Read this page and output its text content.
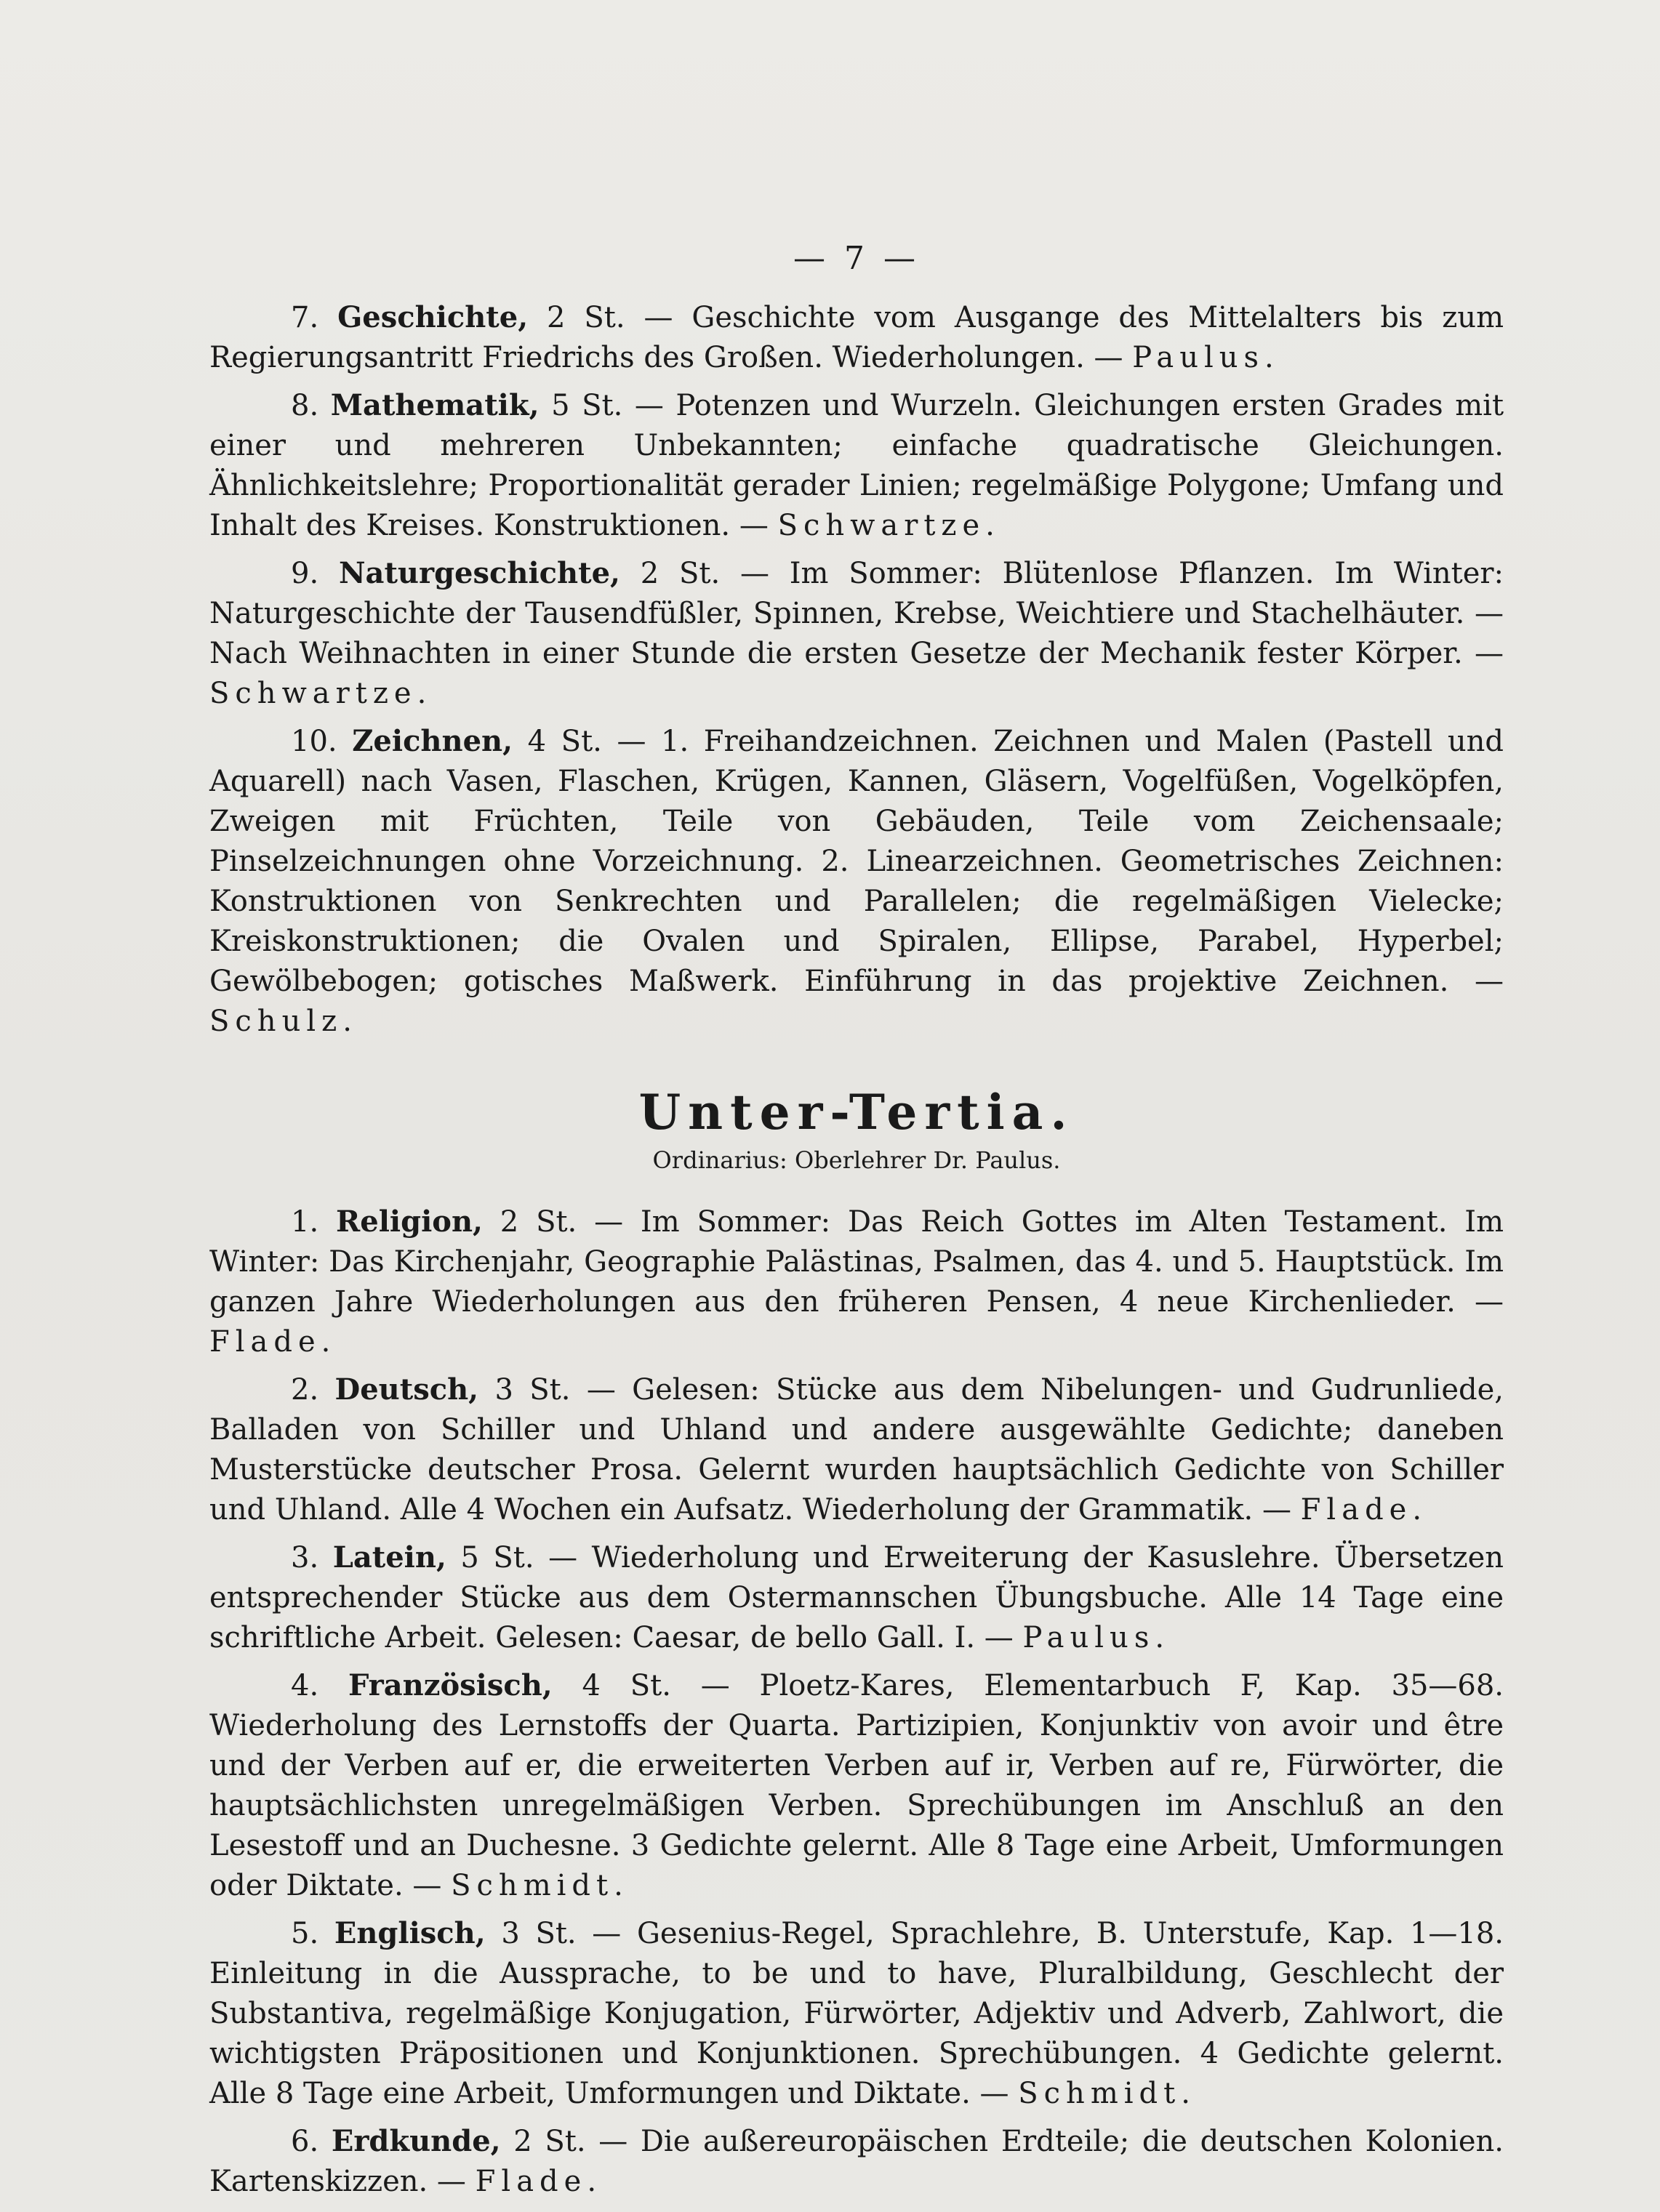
— 7 —

7. Geschichte, 2 St. — Geschichte vom Ausgange des Mittelalters bis zum Regierungsantritt Friedrichs des Großen. Wiederholungen. — Paulus.

8. Mathematik, 5 St. — Potenzen und Wurzeln. Gleichungen ersten Grades mit einer und mehreren Unbekannten; einfache quadratische Gleichungen. Ähnlichkeitslehre; Proportionalität gerader Linien; regelmäßige Polygone; Umfang und Inhalt des Kreises. Konstruktionen. — Schwartze.

9. Naturgeschichte, 2 St. — Im Sommer: Blütenlose Pflanzen. Im Winter: Naturgeschichte der Tausendfüßler, Spinnen, Krebse, Weichtiere und Stachelhäuter. — Nach Weihnachten in einer Stunde die ersten Gesetze der Mechanik fester Körper. — Schwartze.

10. Zeichnen, 4 St. — 1. Freihandzeichnen. Zeichnen und Malen (Pastell und Aquarell) nach Vasen, Flaschen, Krügen, Kannen, Gläsern, Vogelfüßen, Vogelköpfen, Zweigen mit Früchten, Teile von Gebäuden, Teile vom Zeichensaale; Pinselzeichnungen ohne Vorzeichnung. 2. Linearzeichnen. Geometrisches Zeichnen: Konstruktionen von Senkrechten und Parallelen; die regelmäßigen Vielecke; Kreiskonstruktionen; die Ovalen und Spiralen, Ellipse, Parabel, Hyperbel; Gewölbebogen; gotisches Maßwerk. Einführung in das projektive Zeichnen. — Schulz.

Unter-Tertia.
Ordinarius: Oberlehrer Dr. Paulus.

1. Religion, 2 St. — Im Sommer: Das Reich Gottes im Alten Testament. Im Winter: Das Kirchenjahr, Geographie Palästinas, Psalmen, das 4. und 5. Hauptstück. Im ganzen Jahre Wiederholungen aus den früheren Pensen, 4 neue Kirchenlieder. — Flade.

2. Deutsch, 3 St. — Gelesen: Stücke aus dem Nibelungen- und Gudrunliede, Balladen von Schiller und Uhland und andere ausgewählte Gedichte; daneben Musterstücke deutscher Prosa. Gelernt wurden hauptsächlich Gedichte von Schiller und Uhland. Alle 4 Wochen ein Aufsatz. Wiederholung der Grammatik. — Flade.

3. Latein, 5 St. — Wiederholung und Erweiterung der Kasuslehre. Übersetzen entsprechender Stücke aus dem Ostermannschen Übungsbuche. Alle 14 Tage eine schriftliche Arbeit. Gelesen: Caesar, de bello Gall. I. — Paulus.

4. Französisch, 4 St. — Ploetz-Kares, Elementarbuch F, Kap. 35—68. Wiederholung des Lernstoffs der Quarta. Partizipien, Konjunktiv von avoir und être und der Verben auf er, die erweiterten Verben auf ir, Verben auf re, Fürwörter, die hauptsächlichsten unregelmäßigen Verben. Sprechübungen im Anschluß an den Lesestoff und an Duchesne. 3 Gedichte gelernt. Alle 8 Tage eine Arbeit, Umformungen oder Diktate. — Schmidt.

5. Englisch, 3 St. — Gesenius-Regel, Sprachlehre, B. Unterstufe, Kap. 1—18. Einleitung in die Aussprache, to be und to have, Pluralbildung, Geschlecht der Substantiva, regelmäßige Konjugation, Fürwörter, Adjektiv und Adverb, Zahlwort, die wichtigsten Präpositionen und Konjunktionen. Sprechübungen. 4 Gedichte gelernt. Alle 8 Tage eine Arbeit, Umformungen und Diktate. — Schmidt.

6. Erdkunde, 2 St. — Die außereuropäischen Erdteile; die deutschen Kolonien. Kartenskizzen. — Flade.
